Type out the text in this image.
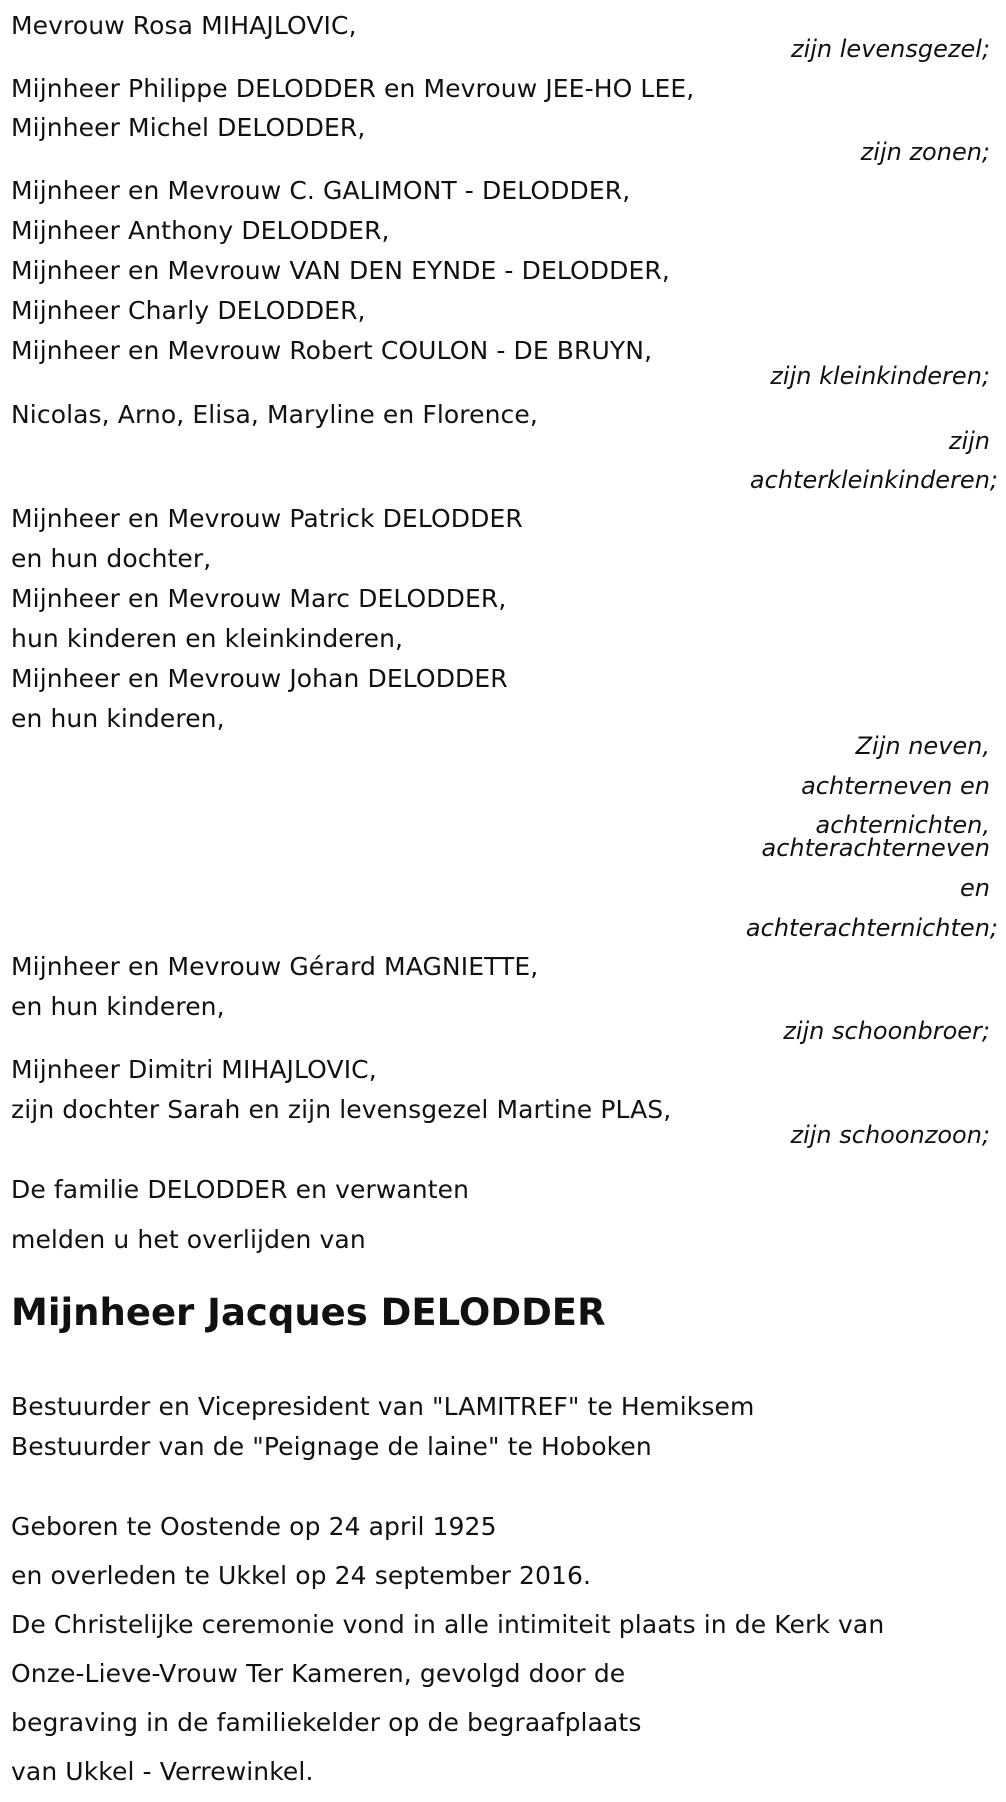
Mevrouw Rosa MIHAJLOVIC,
zijn levensgezel;
Mijnheer Philippe DELODDER en Mevrouw JEE-HO LEE,
Mijnheer Michel DELODDER,
zijn zonen;
Mijnheer en Mevrouw C. GALIMONT - DELODDER,
Mijnheer Anthony DELODDER,
Mijnheer en Mevrouw VAN DEN EYNDE - DELODDER,
Mijnheer Charly DELODDER,
Mijnheer en Mevrouw Robert COULON - DE BRUYN,
zijn kleinkinderen;
Nicolas, Arno, Elisa, Maryline en Florence,
zijn
achterkleinkinderen;
Mijnheer en Mevrouw Patrick DELODDER
en hun dochter,
Mijnheer en Mevrouw Marc DELODDER,
hun kinderen en kleinkinderen,
Mijnheer en Mevrouw Johan DELODDER
en hun kinderen,
Zijn neven,
achterneven en
achternichten,
achterachterneven
en
achterachternichten;
Mijnheer en Mevrouw Gérard MAGNIETTE,
en hun kinderen,
zijn schoonbroer;
Mijnheer Dimitri MIHAJLOVIC,
zijn dochter Sarah en zijn levensgezel Martine PLAS,
zijn schoonzoon;
De familie DELODDER en verwanten
melden u het overlijden van
Mijnheer Jacques DELODDER
Bestuurder en Vicepresident van "LAMITREF" te Hemiksem
Bestuurder van de "Peignage de laine" te Hoboken
Geboren te Oostende op 24 april 1925
en overleden te Ukkel op 24 september 2016.
De Christelijke ceremonie vond in alle intimiteit plaats in de Kerk van
Onze-Lieve-Vrouw Ter Kameren, gevolgd door de
begraving in de familiekelder op de begraafplaats
van Ukkel - Verrewinkel.
